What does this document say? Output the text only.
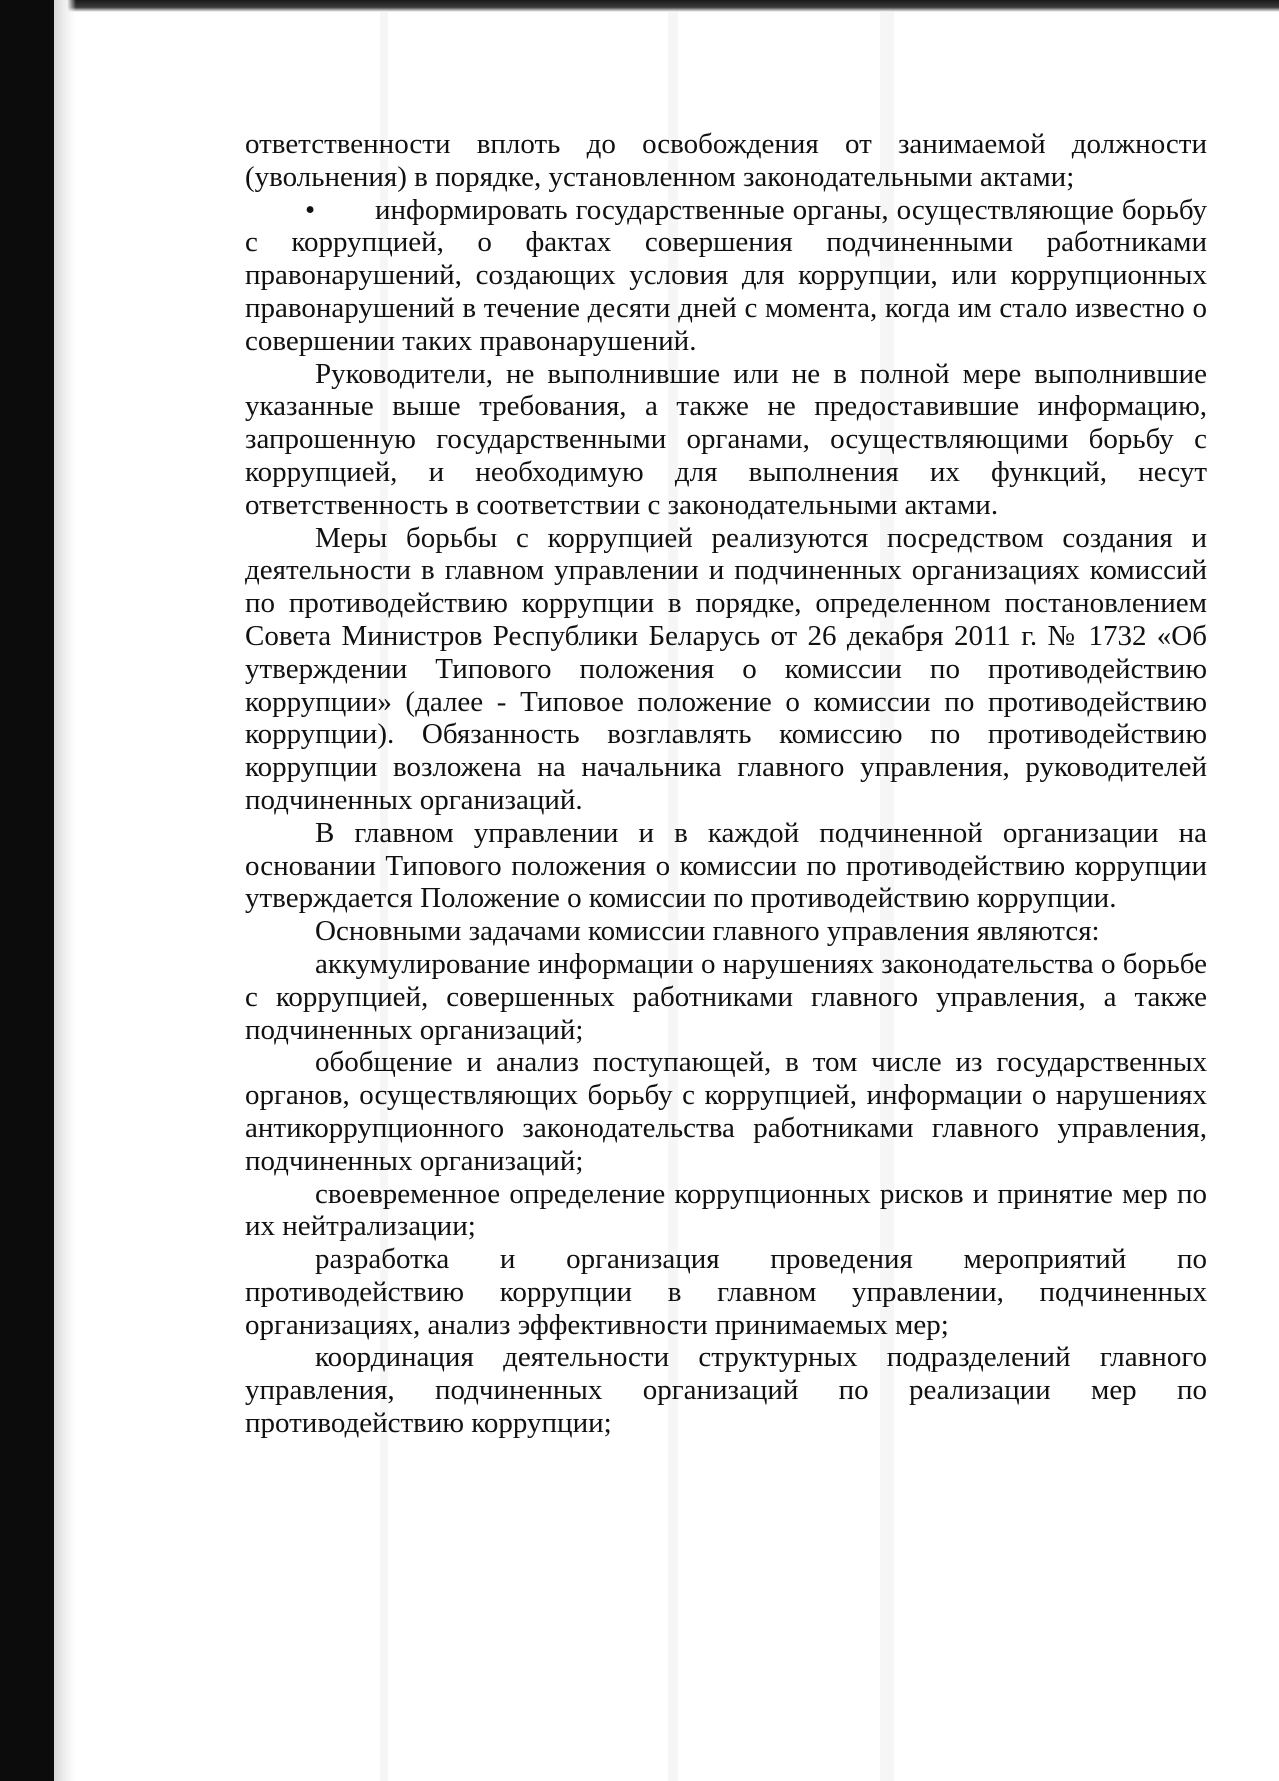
ответственности вплоть до освобождения от занимаемой должности (увольнения) в порядке, установленном законодательными актами;

• информировать государственные органы, осуществляющие борьбу с коррупцией, о фактах совершения подчиненными работниками правонарушений, создающих условия для коррупции, или коррупционных правонарушений в течение десяти дней с момента, когда им стало известно о совершении таких правонарушений.

Руководители, не выполнившие или не в полной мере выполнившие указанные выше требования, а также не предоставившие информацию, запрошенную государственными органами, осуществляющими борьбу с коррупцией, и необходимую для выполнения их функций, несут ответственность в соответствии с законодательными актами.

Меры борьбы с коррупцией реализуются посредством создания и деятельности в главном управлении и подчиненных организациях комиссий по противодействию коррупции в порядке, определенном постановлением Совета Министров Республики Беларусь от 26 декабря 2011 г. № 1732 «Об утверждении Типового положения о комиссии по противодействию коррупции» (далее - Типовое положение о комиссии по противодействию коррупции). Обязанность возглавлять комиссию по противодействию коррупции возложена на начальника главного управления, руководителей подчиненных организаций.

В главном управлении и в каждой подчиненной организации на основании Типового положения о комиссии по противодействию коррупции утверждается Положение о комиссии по противодействию коррупции.

Основными задачами комиссии главного управления являются:

аккумулирование информации о нарушениях законодательства о борьбе с коррупцией, совершенных работниками главного управления, а также подчиненных организаций;

обобщение и анализ поступающей, в том числе из государственных органов, осуществляющих борьбу с коррупцией, информации о нарушениях антикоррупционного законодательства работниками главного управления, подчиненных организаций;

своевременное определение коррупционных рисков и принятие мер по их нейтрализации;

разработка и организация проведения мероприятий по противодействию коррупции в главном управлении, подчиненных организациях, анализ эффективности принимаемых мер;

координация деятельности структурных подразделений главного управления, подчиненных организаций по реализации мер по противодействию коррупции;
